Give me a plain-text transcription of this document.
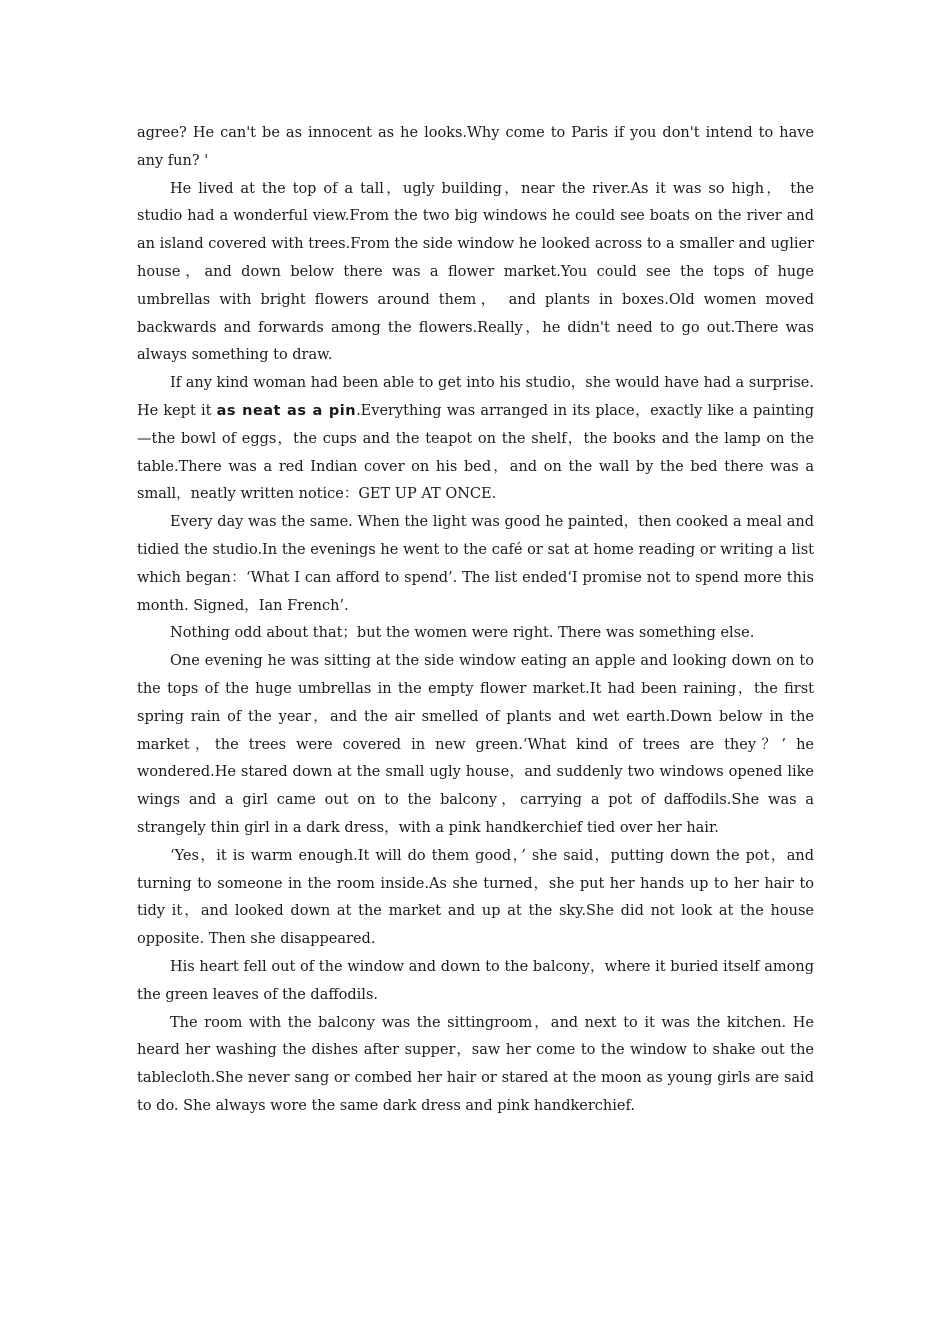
agree? He can't be as innocent as he looks.Why come to Paris if you don't intend to have any fun? '

He lived at the top of a tall，ugly building，near the river.As it was so high， the studio had a wonderful view.From the two big windows he could see boats on the river and an island covered with trees.From the side window he looked across to a smaller and uglier house，and down below there was a flower market.You could see the tops of huge umbrellas with bright flowers around them， and plants in boxes.Old women moved backwards and forwards among the flowers.Really，he didn't need to go out.There was always something to draw.

If any kind woman had been able to get into his studio，she would have had a surprise. He kept it as neat as a pin.Everything was arranged in its place，exactly like a painting—the bowl of eggs，the cups and the teapot on the shelf，the books and the lamp on the table.There was a red Indian cover on his bed，and on the wall by the bed there was a small，neatly written notice：GET UP AT ONCE.

Every day was the same. When the light was good he painted，then cooked a meal and tidied the studio.In the evenings he went to the café or sat at home reading or writing a list which began：‘What I can afford to spend’. The list ended‘I promise not to spend more this month. Signed，Ian French’.

Nothing odd about that；but the women were right. There was something else.

One evening he was sitting at the side window eating an apple and looking down on to the tops of the huge umbrellas in the empty flower market.It had been raining，the first spring rain of the year，and the air smelled of plants and wet earth.Down below in the market，the trees were covered in new green.‘What kind of trees are they？’ he wondered.He stared down at the small ugly house，and suddenly two windows opened like wings and a girl came out on to the balcony，carrying a pot of daffodils.She was a strangely thin girl in a dark dress，with a pink handkerchief tied over her hair.

‘Yes，it is warm enough.It will do them good，’ she said，putting down the pot，and turning to someone in the room inside.As she turned，she put her hands up to her hair to tidy it，and looked down at the market and up at the sky.She did not look at the house opposite. Then she disappeared.

His heart fell out of the window and down to the balcony，where it buried itself among the green leaves of the daffodils.

The room with the balcony was the sittingroom，and next to it was the kitchen. He heard her washing the dishes after supper，saw her come to the window to shake out the tablecloth.She never sang or combed her hair or stared at the moon as young girls are said to do. She always wore the same dark dress and pink handkerchief.
